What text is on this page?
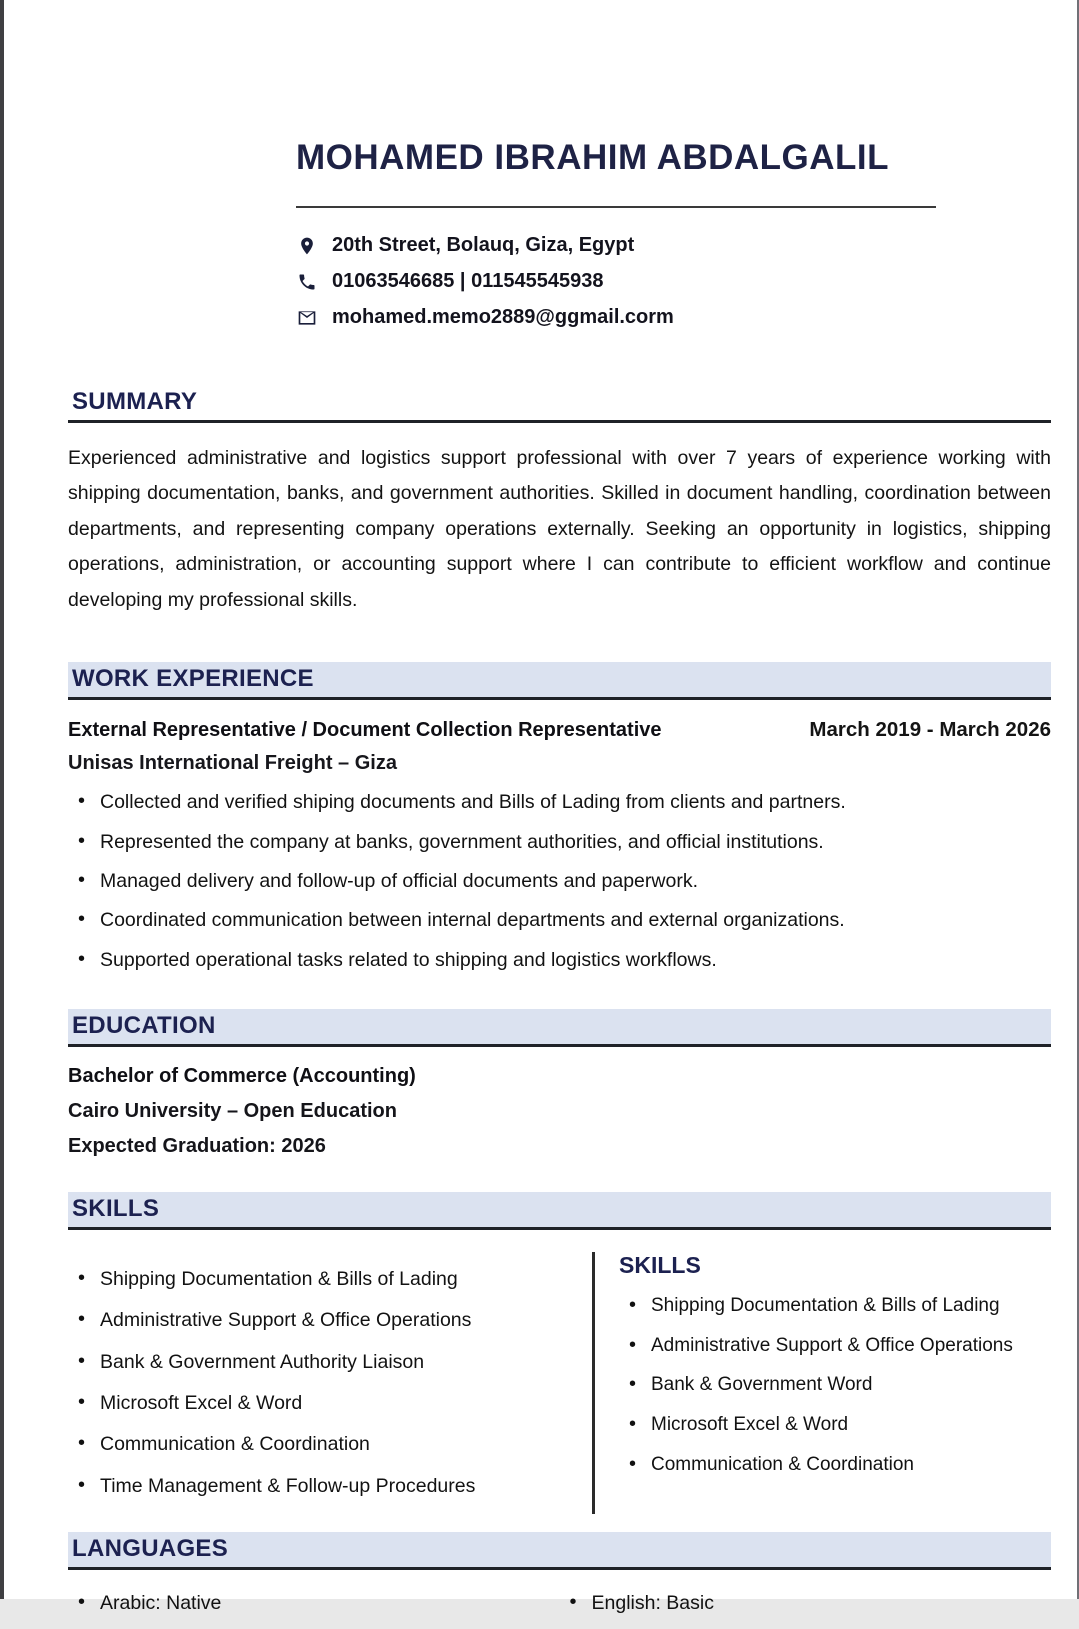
MOHAMED IBRAHIM ABDALGALIL
20th Street, Bolauq, Giza, Egypt
01063546685 | 011545545938
mohamed.memo2889@ggmail.corm
SUMMARY
Experienced administrative and logistics support professional with over 7 years of experience working with shipping documentation, banks, and government authorities. Skilled in document handling, coordination between departments, and representing company operations externally. Seeking an opportunity in logistics, shipping operations, administration, or accounting support where I can contribute to efficient workflow and continue developing my professional skills.
WORK EXPERIENCE
External Representative / Document Collection Representative	March 2019 - March 2026
Unisas International Freight – Giza
• Collected and verified shiping documents and Bills of Lading from clients and partners.
• Represented the company at banks, government authorities, and official institutions.
• Managed delivery and follow-up of official documents and paperwork.
• Coordinated communication between internal departments and external organizations.
• Supported operational tasks related to shipping and logistics workflows.
EDUCATION
Bachelor of Commerce (Accounting)
Cairo University – Open Education
Expected Graduation: 2026
SKILLS
• Shipping Documentation & Bills of Lading
• Administrative Support & Office Operations
• Bank & Government Authority Liaison
• Microsoft Excel & Word
• Communication & Coordination
• Time Management & Follow-up Procedures
SKILLS
• Shipping Documentation & Bills of Lading
• Administrative Support & Office Operations
• Bank & Government Word
• Microsoft Excel & Word
• Communication & Coordination
LANGUAGES
• Arabic: Native	• English: Basic
